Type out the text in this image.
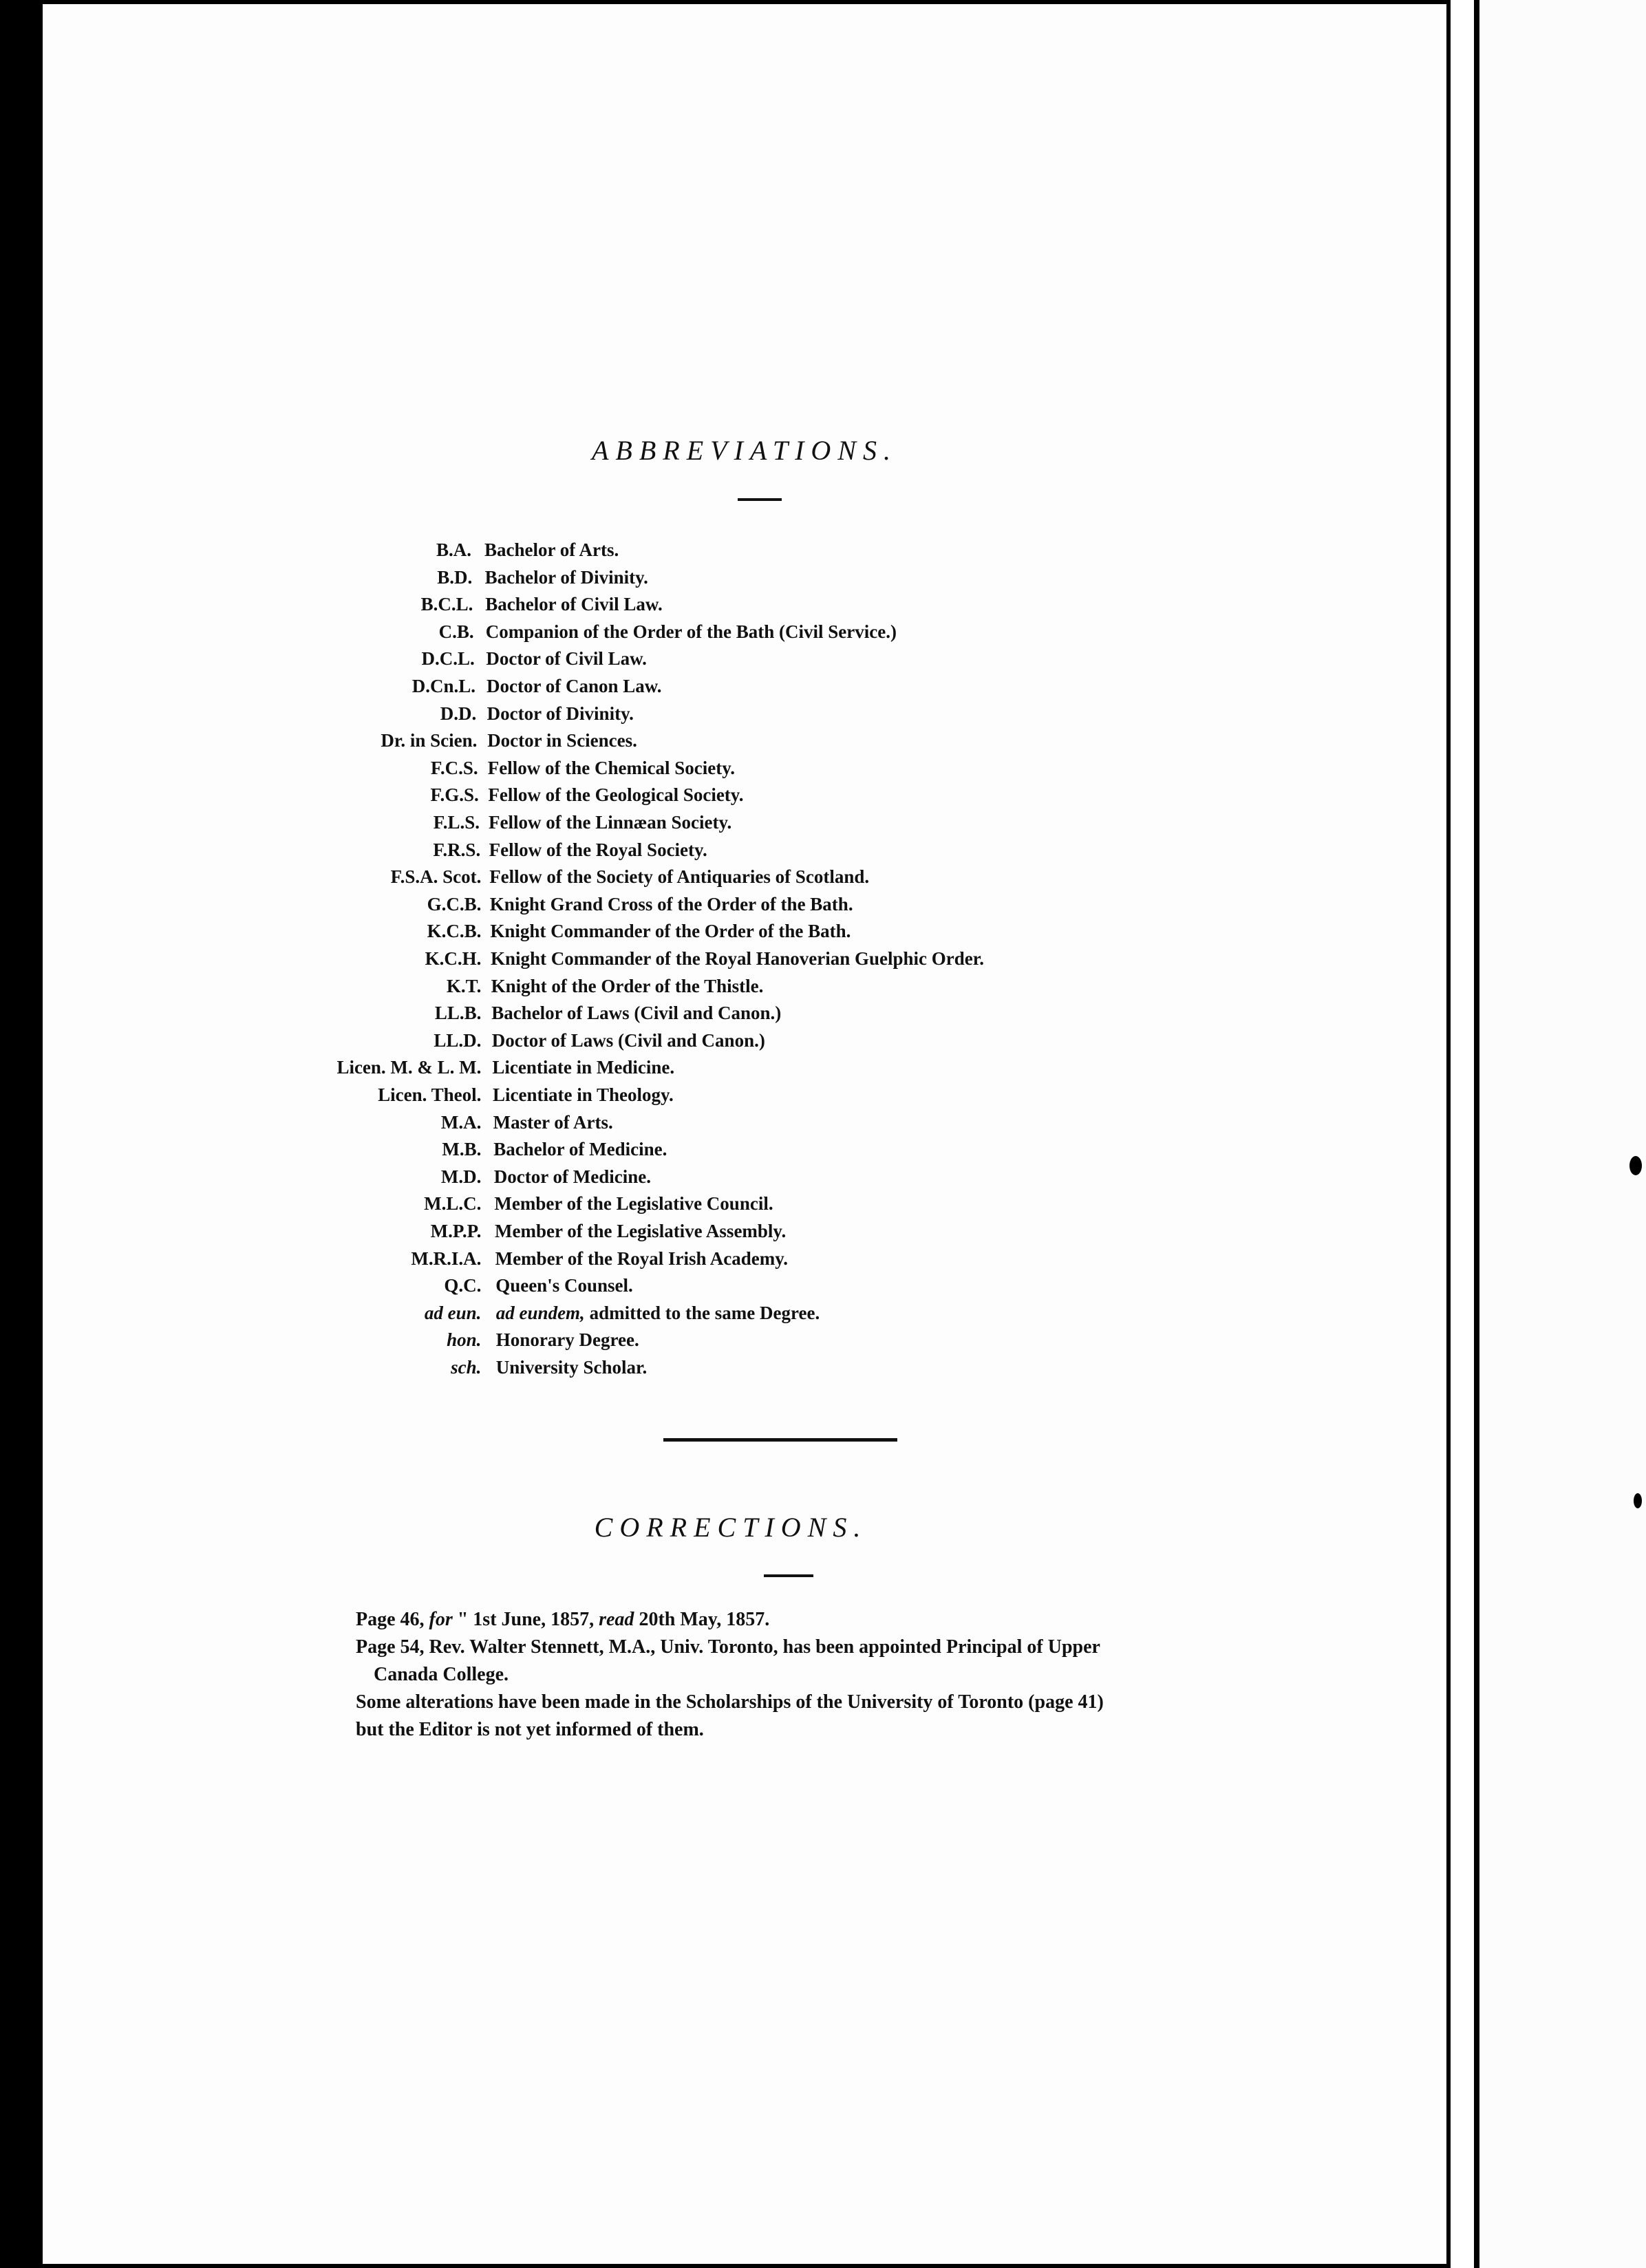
ABBREVIATIONS.
B.A. Bachelor of Arts.
B.D. Bachelor of Divinity.
B.C.L. Bachelor of Civil Law.
C.B. Companion of the Order of the Bath (Civil Service.)
D.C.L. Doctor of Civil Law.
D.Cn.L. Doctor of Canon Law.
D.D. Doctor of Divinity.
Dr. in Scien. Doctor in Sciences.
F.C.S. Fellow of the Chemical Society.
F.G.S. Fellow of the Geological Society.
F.L.S. Fellow of the Linnæan Society.
F.R.S. Fellow of the Royal Society.
F.S.A. Scot. Fellow of the Society of Antiquaries of Scotland.
G.C.B. Knight Grand Cross of the Order of the Bath.
K.C.B. Knight Commander of the Order of the Bath.
K.C.H. Knight Commander of the Royal Hanoverian Guelphic Order.
K.T. Knight of the Order of the Thistle.
LL.B. Bachelor of Laws (Civil and Canon.)
LL.D. Doctor of Laws (Civil and Canon.)
Licen. M. & L. M. Licentiate in Medicine.
Licen. Theol. Licentiate in Theology.
M.A. Master of Arts.
M.B. Bachelor of Medicine.
M.D. Doctor of Medicine.
M.L.C. Member of the Legislative Council.
M.P.P. Member of the Legislative Assembly.
M.R.I.A. Member of the Royal Irish Academy.
Q.C. Queen's Counsel.
ad eun. ad eundem, admitted to the same Degree.
hon. Honorary Degree.
sch. University Scholar.
CORRECTIONS.

Page 46, for " 1st June, 1857, read 20th May, 1857.

Page 54, Rev. Walter Stennett, M.A., Univ. Toronto, has been appointed Principal of Upper

Canada College.

Some alterations have been made in the Scholarships of the University of Toronto (page 41)

but the Editor is not yet informed of them.
